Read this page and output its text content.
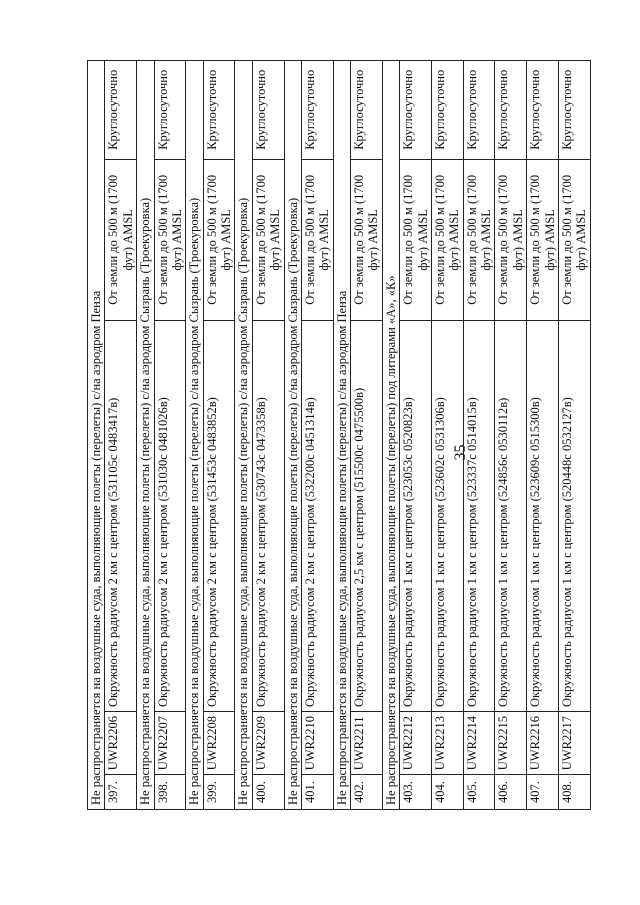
35
Не распространяется на воздушные суда, выполняющие полеты (перелеты) с/на аэродром Пенза				
397.	UWR2206	Окружность радиусом 2 км с центром (531105с 0483417в)	От земли до 500 м (1700 фут) AMSL	Круглосуточно
Не распространяется на воздушные суда, выполняющие полеты (перелеты) с/на аэродром Сызрань (Троекуровка)				
398.	UWR2207	Окружность радиусом 2 км с центром (531030с 0481026в)	От земли до 500 м (1700 фут) AMSL	Круглосуточно
Не распространяется на воздушные суда, выполняющие полеты (перелеты) с/на аэродром Сызрань (Троекуровка)				
399.	UWR2208	Окружность радиусом 2 км с центром (531453с 0483852в)	От земли до 500 м (1700 фут) AMSL	Круглосуточно
Не распространяется на воздушные суда, выполняющие полеты (перелеты) с/на аэродром Сызрань (Троекуровка)				
400.	UWR2209	Окружность радиусом 2 км с центром (530743с 0473358в)	От земли до 500 м (1700 фут) AMSL	Круглосуточно
Не распространяется на воздушные суда, выполняющие полеты (перелеты) с/на аэродром Сызрань (Троекуровка)				
401.	UWR2210	Окружность радиусом 2 км с центром (532200с 0451314в)	От земли до 500 м (1700 фут) AMSL	Круглосуточно
Не распространяется на воздушные суда, выполняющие полеты (перелеты) с/на аэродром Пенза				
402.	UWR2211	Окружность радиусом 2,5 км с центром (515500с 0475500в)	От земли до 500 м (1700 фут) AMSL	Круглосуточно
Не распространяется на воздушные суда, выполняющие полеты (перелеты) под литерами «А», «К»				
403.	UWR2212	Окружность радиусом 1 км с центром (523053с 0520823в)	От земли до 500 м (1700 фут) AMSL	Круглосуточно
404.	UWR2213	Окружность радиусом 1 км с центром (523602с 0531306в)	От земли до 500 м (1700 фут) AMSL	Круглосуточно
405.	UWR2214	Окружность радиусом 1 км с центром (523337с 0514015в)	От земли до 500 м (1700 фут) AMSL	Круглосуточно
406.	UWR2215	Окружность радиусом 1 км с центром (524856с 0530112в)	От земли до 500 м (1700 фут) AMSL	Круглосуточно
407.	UWR2216	Окружность радиусом 1 км с центром (523609с 0515300в)	От земли до 500 м (1700 фут) AMSL	Круглосуточно
408.	UWR2217	Окружность радиусом 1 км с центром (520448с 0532127в)	От земли до 500 м (1700 фут) AMSL	Круглосуточно
